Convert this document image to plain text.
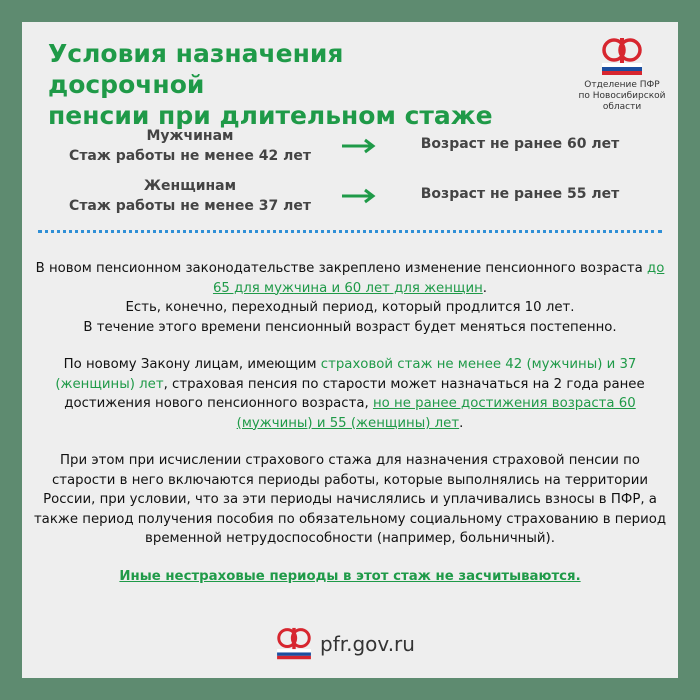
Условия назначения досрочной
пенсии при длительном стаже
Отделение ПФР
по Новосибирской
области
Мужчинам
Стаж работы не менее 42 лет
Возраст не ранее 60 лет
Женщинам
Стаж работы не менее 37 лет
Возраст не ранее 55 лет

В новом пенсионном законодательстве закреплено изменение пенсионного возраста до 65 для мужчина и 60 лет для женщин.
Есть, конечно, переходный период, который продлится 10 лет.
В течение этого времени пенсионный возраст будет меняться постепенно.

По новому Закону лицам, имеющим страховой стаж не менее 42 (мужчины) и 37 (женщины) лет, страховая пенсия по старости может назначаться на 2 года ранее достижения нового пенсионного возраста, но не ранее достижения возраста 60 (мужчины) и 55 (женщины) лет.

При этом при исчислении страхового стажа для назначения страховой пенсии по старости в него включаются периоды работы, которые выполнялись на территории России, при условии, что за эти периоды начислялись и уплачивались взносы в ПФР, а также период получения пособия по обязательному социальному страхованию в период временной нетрудоспособности (например, больничный).

Иные нестраховые периоды в этот стаж не засчитываются.

pfr.gov.ru
